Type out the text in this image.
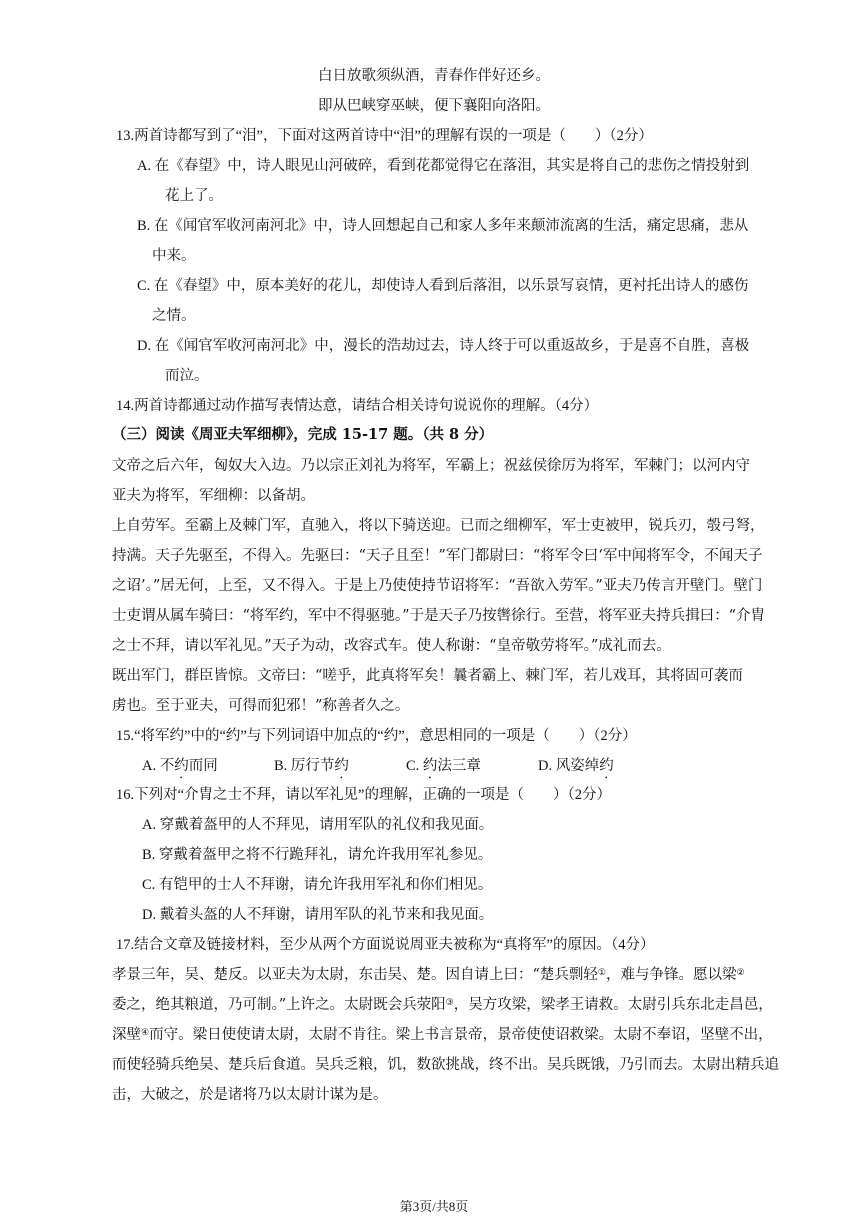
白日放歌须纵酒，青春作伴好还乡。
即从巴峡穿巫峡，便下襄阳向洛阳。
13.两首诗都写到了“泪”，下面对这两首诗中“泪”的理解有误的一项是（　　）（2分）
A. 在《春望》中，诗人眼见山河破碎，看到花都觉得它在落泪，其实是将自己的悲伤之情投射到
花上了。
B. 在《闻官军收河南河北》中，诗人回想起自己和家人多年来颠沛流离的生活，痛定思痛，悲从
中来。
C. 在《春望》中，原本美好的花儿，却使诗人看到后落泪，以乐景写哀情，更衬托出诗人的感伤
之情。
D. 在《闻官军收河南河北》中，漫长的浩劫过去，诗人终于可以重返故乡，于是喜不自胜，喜极
而泣。
14.两首诗都通过动作描写表情达意，请结合相关诗句说说你的理解。（4分）
（三）阅读《周亚夫军细柳》，完成 15-17 题。（共 8 分）
文帝之后六年，匈奴大入边。乃以宗正刘礼为将军，军霸上；祝兹侯徐厉为将军，军棘门；以河内守
亚夫为将军，军细柳：以备胡。
上自劳军。至霸上及棘门军，直驰入，将以下骑送迎。已而之细柳军，军士吏被甲，锐兵刃，彀弓弩，
持满。天子先驱至，不得入。先驱曰：“天子且至！”军门都尉曰：“将军令曰‘军中闻将军令，不闻天子
之诏’。”居无何，上至，又不得入。于是上乃使使持节诏将军：“吾欲入劳军。”亚夫乃传言开壁门。壁门
士吏谓从属车骑曰：“将军约，军中不得驱驰。”于是天子乃按辔徐行。至营，将军亚夫持兵揖曰：“介胄
之士不拜，请以军礼见。”天子为动，改容式车。使人称谢：“皇帝敬劳将军。”成礼而去。
既出军门，群臣皆惊。文帝曰：“嗟乎，此真将军矣！曩者霸上、棘门军，若儿戏耳，其将固可袭而
虏也。至于亚夫，可得而犯邪！”称善者久之。
15.“将军约”中的“约”与下列词语中加点的“约”，意思相同的一项是（　　）（2分）
A. 不约而同	B. 厉行节约	C. 约法三章	D. 风姿绰约
16.下列对“介胄之士不拜，请以军礼见”的理解，正确的一项是（　　）（2分）
A. 穿戴着盔甲的人不拜见，请用军队的礼仪和我见面。
B. 穿戴着盔甲之将不行跪拜礼，请允许我用军礼参见。
C. 有铠甲的士人不拜谢，请允许我用军礼和你们相见。
D. 戴着头盔的人不拜谢，请用军队的礼节来和我见面。
17.结合文章及链接材料，至少从两个方面说说周亚夫被称为“真将军”的原因。（4分）
孝景三年，吴、楚反。以亚夫为太尉，东击吴、楚。因自请上曰：“楚兵剽轻①，难与争锋。愿以梁②
委之，绝其粮道，乃可制。”上许之。太尉既会兵荥阳③，吴方攻梁，梁孝王请救。太尉引兵东北走昌邑，
深壁④而守。梁日使使请太尉，太尉不肯往。梁上书言景帝，景帝使使诏救梁。太尉不奉诏，坚壁不出，
而使轻骑兵绝吴、楚兵后食道。吴兵乏粮，饥，数欲挑战，终不出。吴兵既饿，乃引而去。太尉出精兵追
击，大破之，於是诸将乃以太尉计谋为是。
第3页/共8页
